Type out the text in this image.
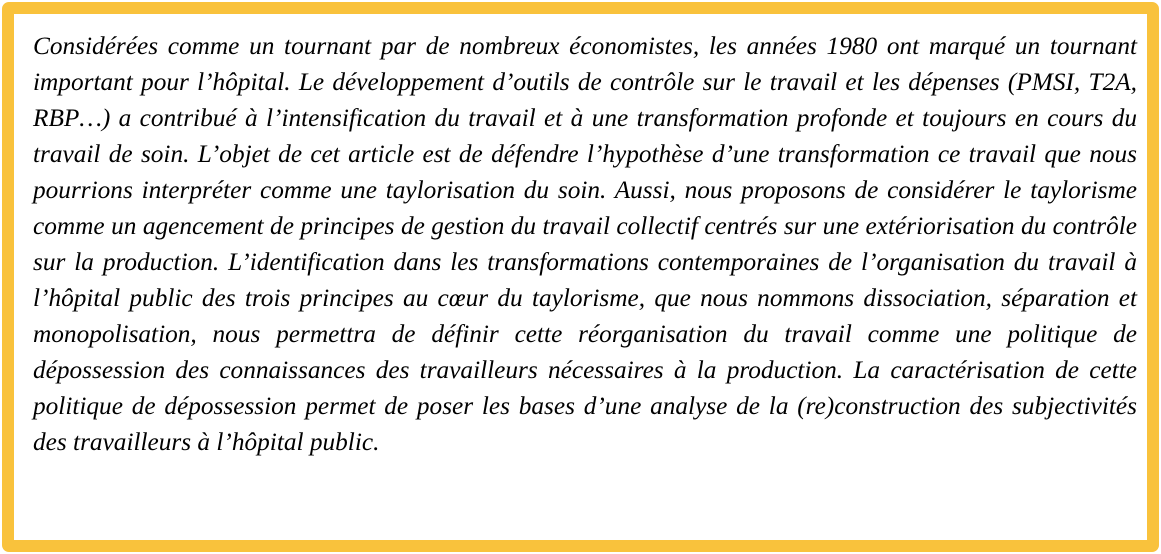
Considérées comme un tournant par de nombreux économistes, les années 1980 ont marqué un tournant important pour l’hôpital. Le développement d’outils de contrôle sur le travail et les dépenses (PMSI, T2A, RBP…) a contribué à l’intensification du travail et à une transformation profonde et toujours en cours du travail de soin. L’objet de cet article est de défendre l’hypothèse d’une transformation ce travail que nous pourrions interpréter comme une taylorisation du soin. Aussi, nous proposons de considérer le taylorisme comme un agencement de principes de gestion du travail collectif centrés sur une extériorisation du contrôle sur la production. L’identification dans les transformations contemporaines de l’organisation du travail à l’hôpital public des trois principes au cœur du taylorisme, que nous nommons dissociation, séparation et monopolisation, nous permettra de définir cette réorganisation du travail comme une politique de dépossession des connaissances des travailleurs nécessaires à la production. La caractérisation de cette politique de dépossession permet de poser les bases d’une analyse de la (re)construction des subjectivités des travailleurs à l’hôpital public.
